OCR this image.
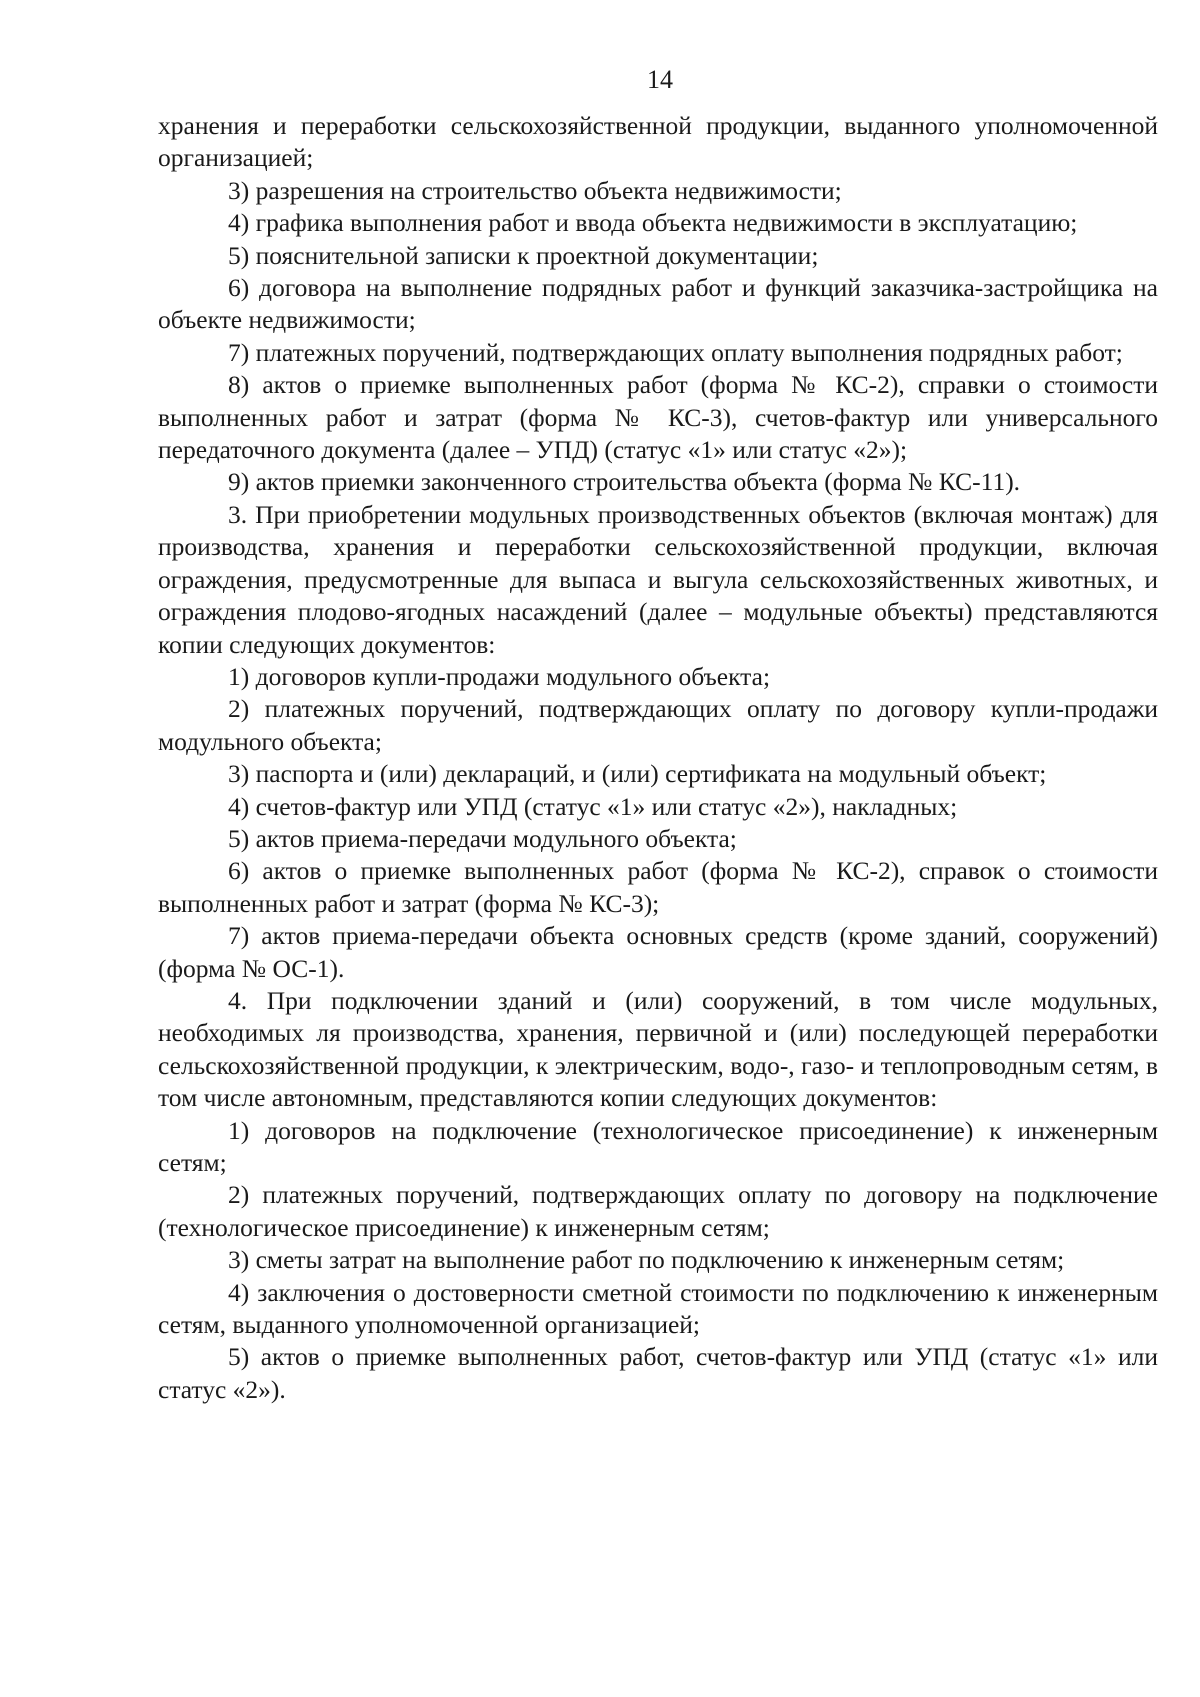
14

хранения и переработки сельскохозяйственной продукции, выданного уполномоченной организацией;

3) разрешения на строительство объекта недвижимости;

4) графика выполнения работ и ввода объекта недвижимости в эксплуатацию;

5) пояснительной записки к проектной документации;

6) договора на выполнение подрядных работ и функций заказчика-застройщика на объекте недвижимости;

7) платежных поручений, подтверждающих оплату выполнения подрядных работ;

8) актов о приемке выполненных работ (форма № КС-2), справки о стоимости выполненных работ и затрат (форма № КС-3), счетов-фактур или универсального передаточного документа (далее – УПД) (статус «1» или статус «2»);

9) актов приемки законченного строительства объекта (форма № КС-11).

3. При приобретении модульных производственных объектов (включая монтаж) для производства, хранения и переработки сельскохозяйственной продукции, включая ограждения, предусмотренные для выпаса и выгула сельскохозяйственных животных, и ограждения плодово-ягодных насаждений (далее – модульные объекты) представляются копии следующих документов:

1) договоров купли-продажи модульного объекта;

2) платежных поручений, подтверждающих оплату по договору купли-продажи модульного объекта;

3) паспорта и (или) деклараций, и (или) сертификата на модульный объект;

4) счетов-фактур или УПД (статус «1» или статус «2»), накладных;

5) актов приема-передачи модульного объекта;

6) актов о приемке выполненных работ (форма № КС-2), справок о стоимости выполненных работ и затрат (форма № КС-3);

7) актов приема-передачи объекта основных средств (кроме зданий, сооружений) (форма № ОС-1).

4. При подключении зданий и (или) сооружений, в том числе модульных, необходимых ля производства, хранения, первичной и (или) последующей переработки сельскохозяйственной продукции, к электрическим, водо-, газо- и теплопроводным сетям, в том числе автономным, представляются копии следующих документов:

1) договоров на подключение (технологическое присоединение) к инженерным сетям;

2) платежных поручений, подтверждающих оплату по договору на подключение (технологическое присоединение) к инженерным сетям;

3) сметы затрат на выполнение работ по подключению к инженерным сетям;

4) заключения о достоверности сметной стоимости по подключению к инженерным сетям, выданного уполномоченной организацией;

5) актов о приемке выполненных работ, счетов-фактур или УПД (статус «1» или статус «2»).
